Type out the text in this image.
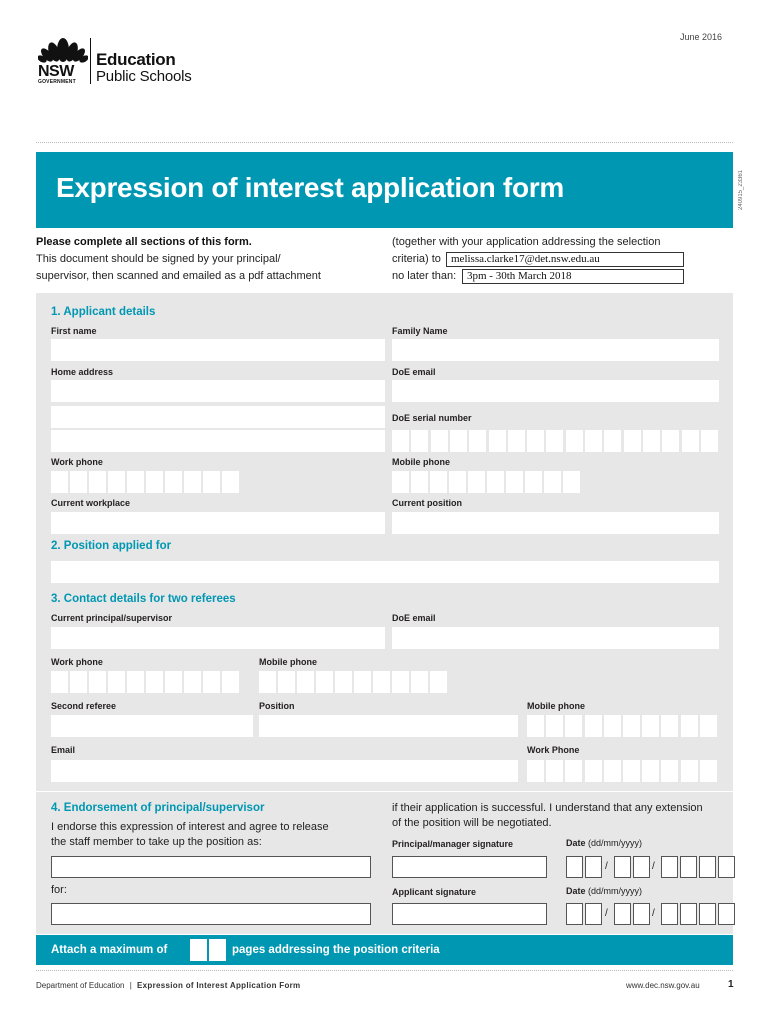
June 2016
NSW
GOVERNMENT
Education
Public Schools
Expression of interest application form	240915_23361
Please complete all sections of this form.
This document should be signed by your principal/
supervisor, then scanned and emailed as a pdf attachment
(together with your application addressing the selection
criteria) to melissa.clarke17@det.nsw.edu.au
no later than: 3pm - 30th March 2018
1. Applicant details
First name	Family Name
Home address	DoE email
DoE serial number
Work phone	Mobile phone
Current workplace	Current position
2. Position applied for
3. Contact details for two referees
Current principal/supervisor	DoE email
Work phone	Mobile phone
Second referee	Position	Mobile phone
Email	Work Phone
4. Endorsement of principal/supervisor
I endorse this expression of interest and agree to release
the staff member to take up the position as:
for:
if their application is successful. I understand that any extension
of the position will be negotiated.
Principal/manager signature	Date (dd/mm/yyyy)
/	/
Applicant signature	Date (dd/mm/yyyy)
/	/
Attach a maximum of	pages addressing the position criteria
Department of Education | Expression of Interest Application Form	www.dec.nsw.gov.au	1
